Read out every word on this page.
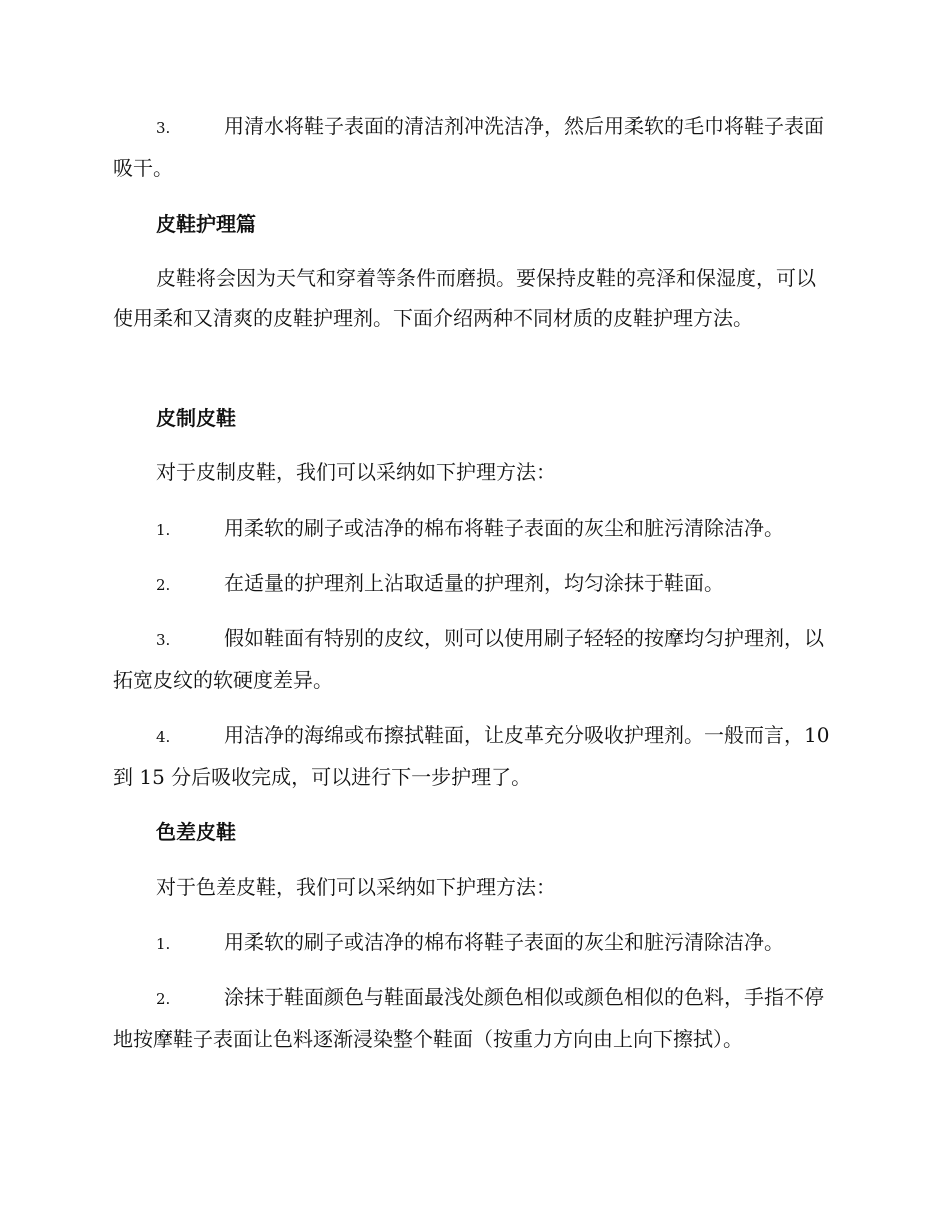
3.	用清水将鞋子表面的清洁剂冲洗洁净，然后用柔软的毛巾将鞋子表面吸干。

皮鞋护理篇

皮鞋将会因为天气和穿着等条件而磨损。要保持皮鞋的亮泽和保湿度，可以使用柔和又清爽的皮鞋护理剂。下面介绍两种不同材质的皮鞋护理方法。

皮制皮鞋

对于皮制皮鞋，我们可以采纳如下护理方法：

1.	用柔软的刷子或洁净的棉布将鞋子表面的灰尘和脏污清除洁净。

2.	在适量的护理剂上沾取适量的护理剂，均匀涂抹于鞋面。

3.	假如鞋面有特别的皮纹，则可以使用刷子轻轻的按摩均匀护理剂，以拓宽皮纹的软硬度差异。

4.	用洁净的海绵或布擦拭鞋面，让皮革充分吸收护理剂。一般而言，10 到 15 分后吸收完成，可以进行下一步护理了。

色差皮鞋

对于色差皮鞋，我们可以采纳如下护理方法：

1.	用柔软的刷子或洁净的棉布将鞋子表面的灰尘和脏污清除洁净。

2.	涂抹于鞋面颜色与鞋面最浅处颜色相似或颜色相似的色料，手指不停地按摩鞋子表面让色料逐渐浸染整个鞋面（按重力方向由上向下擦拭）。
